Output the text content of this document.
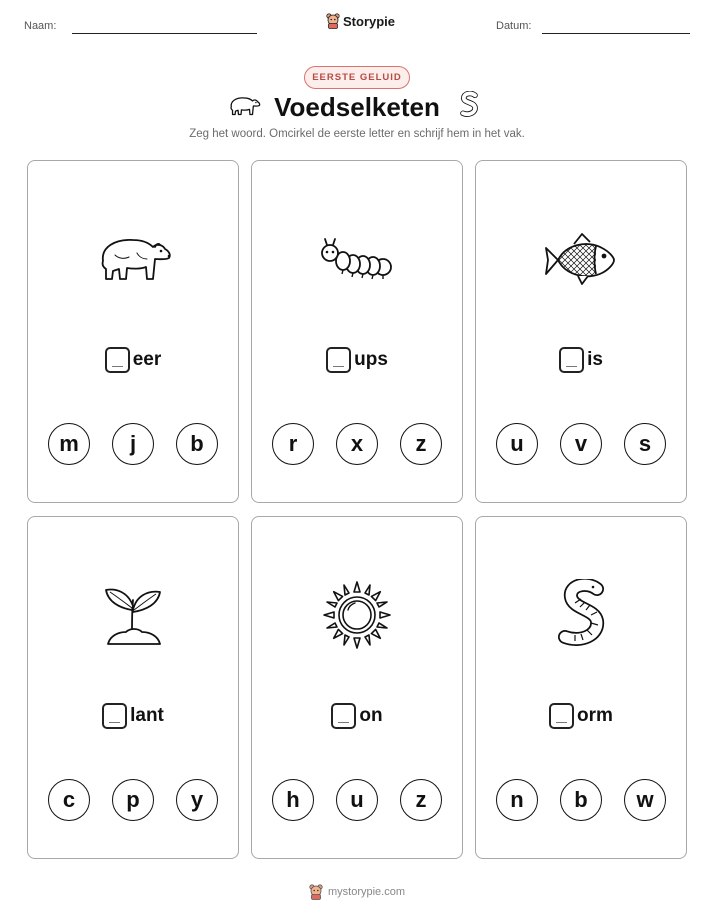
Naam:	Storypie	Datum:
EERSTE GELUID
Voedselketen
Zeg het woord. Omcirkel de eerste letter en schrijf hem in het vak.
eer
m	j	b
ups
r	x	z
is
u	v	s
lant
c	p	y
on
h	u	z
orm
n	b	w
mystorypie.com
